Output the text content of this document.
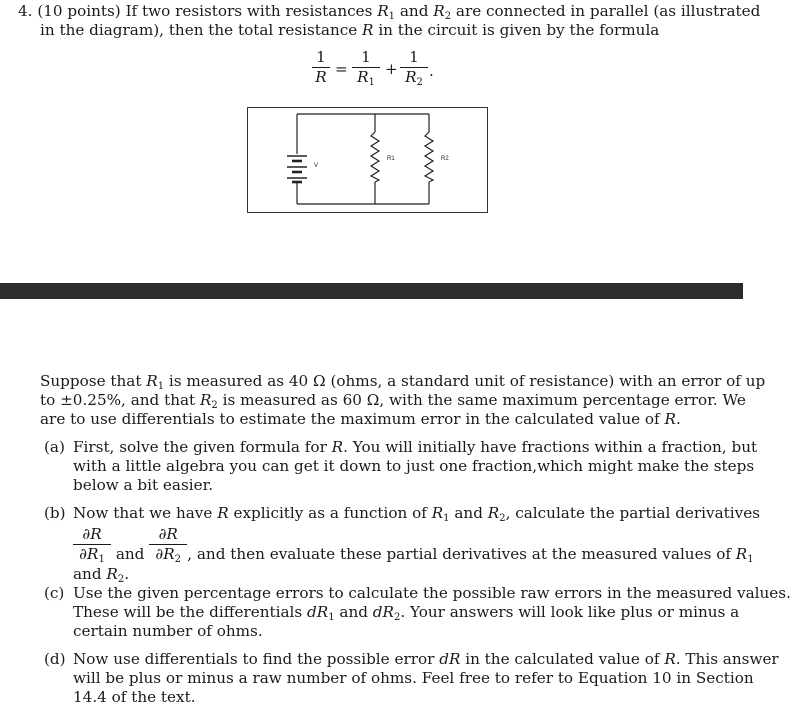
4. (10 points) If two resistors with resistances $R_1$ and $R_2$ are connected in parallel (as illustrated
in the diagram), then the total resistance R in the circuit is given by the formula
1
R =
1
$R_1$
+
1
$R_2$
.
V
R1	R2
Suppose that $R_1$ is measured as 40 Ω (ohms, a standard unit of resistance) with an error of up
to ±0.25%, and that $R_2$ is measured as 60 Ω, with the same maximum percentage error. We
are to use differentials to estimate the maximum error in the calculated value of R.
(a) First, solve the given formula for R. You will initially have fractions within a fraction, but
with a little algebra you can get it down to just one fraction,which might make the steps
below a bit easier.
(b) Now that we have R explicitly as a function of $R_1$ and $R_2$, calculate the partial derivatives
$\frac{\partial R}{\partial R_1}$ and $\frac{\partial R}{\partial R_2}$ , and then evaluate these partial derivatives at the measured values of $R_1$
and $R_2$.
(c) Use the given percentage errors to calculate the possible raw errors in the measured values.
These will be the differentials $dR_1$ and $dR_2$. Your answers will look like plus or minus a
certain number of ohms.
(d) Now use differentials to find the possible error dR in the calculated value of R. This answer
will be plus or minus a raw number of ohms. Feel free to refer to Equation 10 in Section
14.4 of the text.
